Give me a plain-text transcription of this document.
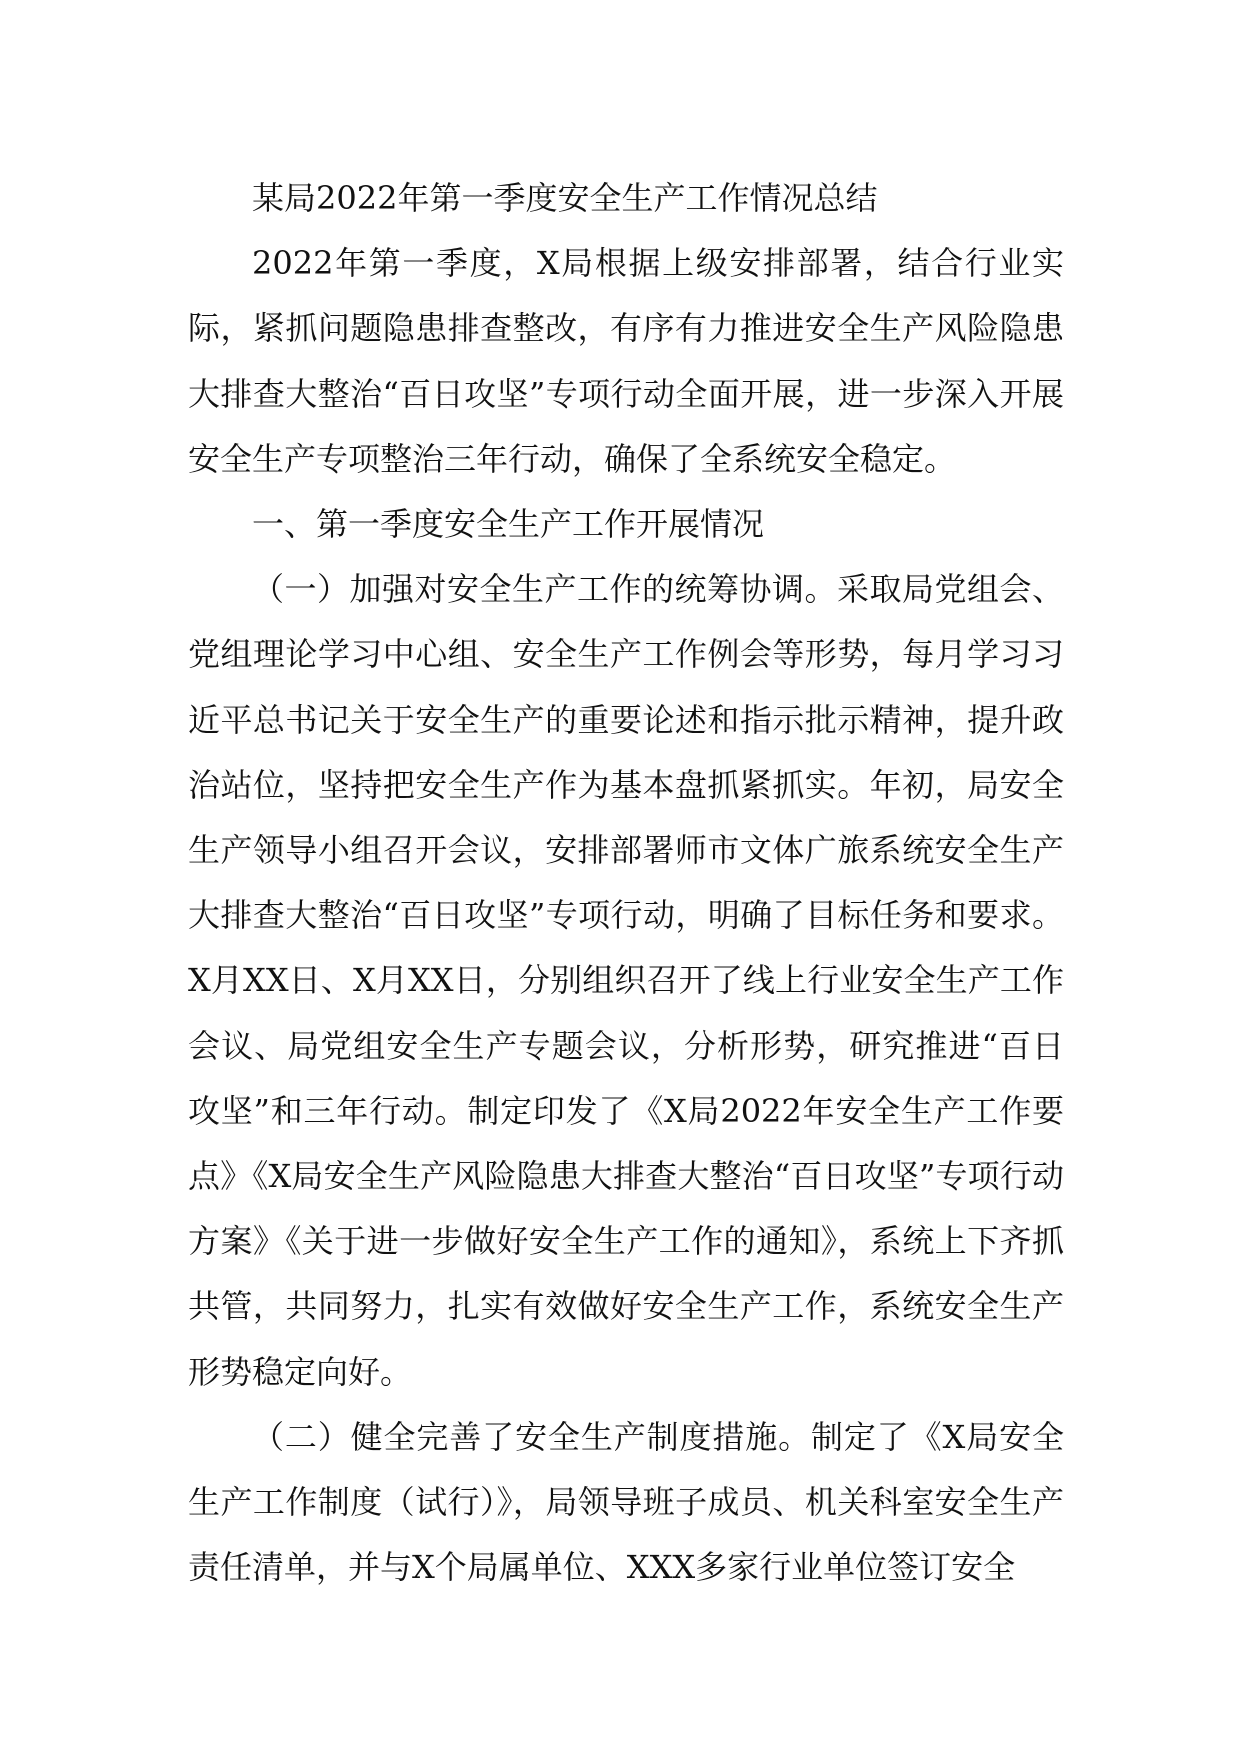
某局2022年第一季度安全生产工作情况总结

2022年第一季度，X局根据上级安排部署，结合行业实际，紧抓问题隐患排查整改，有序有力推进安全生产风险隐患大排查大整治“百日攻坚”专项行动全面开展，进一步深入开展安全生产专项整治三年行动，确保了全系统安全稳定。

一、第一季度安全生产工作开展情况

（一）加强对安全生产工作的统筹协调。采取局党组会、党组理论学习中心组、安全生产工作例会等形势，每月学习习近平总书记关于安全生产的重要论述和指示批示精神，提升政治站位，坚持把安全生产作为基本盘抓紧抓实。年初，局安全生产领导小组召开会议，安排部署师市文体广旅系统安全生产大排查大整治“百日攻坚”专项行动，明确了目标任务和要求。X月XX日、X月XX日，分别组织召开了线上行业安全生产工作会议、局党组安全生产专题会议，分析形势，研究推进“百日攻坚”和三年行动。制定印发了《X局2022年安全生产工作要点》《X局安全生产风险隐患大排查大整治“百日攻坚”专项行动方案》《关于进一步做好安全生产工作的通知》，系统上下齐抓共管，共同努力，扎实有效做好安全生产工作，系统安全生产形势稳定向好。

（二）健全完善了安全生产制度措施。制定了《X局安全生产工作制度（试行）》，局领导班子成员、机关科室安全生产责任清单，并与X个局属单位、XXX多家行业单位签订安全
